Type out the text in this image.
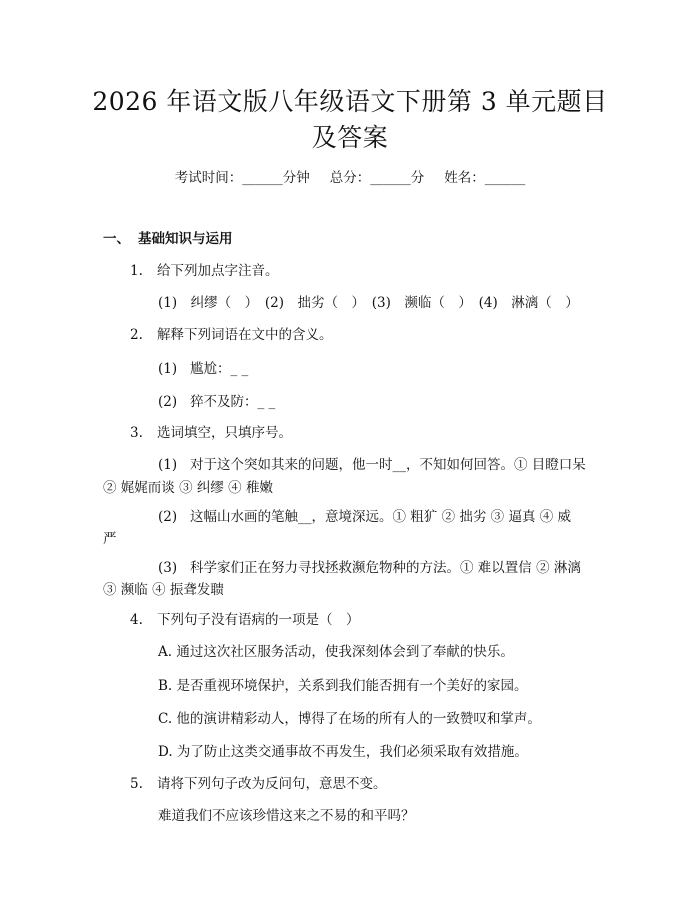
2026 年语文版八年级语文下册第 3 单元题目
及答案
考试时间：______分钟 总分：______分 姓名：______
一、 基础知识与运用
1. 给下列加点字注音。
(1)　纠缪（　）　(2)　拙劣（　）　(3)　濒临（　）　(4)　淋漓（　）
2. 解释下列词语在文中的含义。
(1) 尴尬：_ _
(2) 猝不及防：_ _
3. 选词填空，只填序号。
(1) 对于这个突如其来的问题，他一时__，不知如何回答。① 目瞪口呆
② 娓娓而谈 ③ 纠缪 ④ 稚嫩
(2) 这幅山水画的笔触__，意境深远。① 粗犷 ② 拙劣 ③ 逼真 ④ 威
严
(3) 科学家们正在努力寻找拯救濒危物种的方法。① 难以置信 ② 淋漓
③ 濒临 ④ 振聋发聩
4. 下列句子没有语病的一项是（　）
A. 通过这次社区服务活动，使我深刻体会到了奉献的快乐。
B. 是否重视环境保护，关系到我们能否拥有一个美好的家园。
C. 他的演讲精彩动人，博得了在场的所有人的一致赞叹和掌声。
D. 为了防止这类交通事故不再发生，我们必须采取有效措施。
5. 请将下列句子改为反问句，意思不变。
难道我们不应该珍惜这来之不易的和平吗？
